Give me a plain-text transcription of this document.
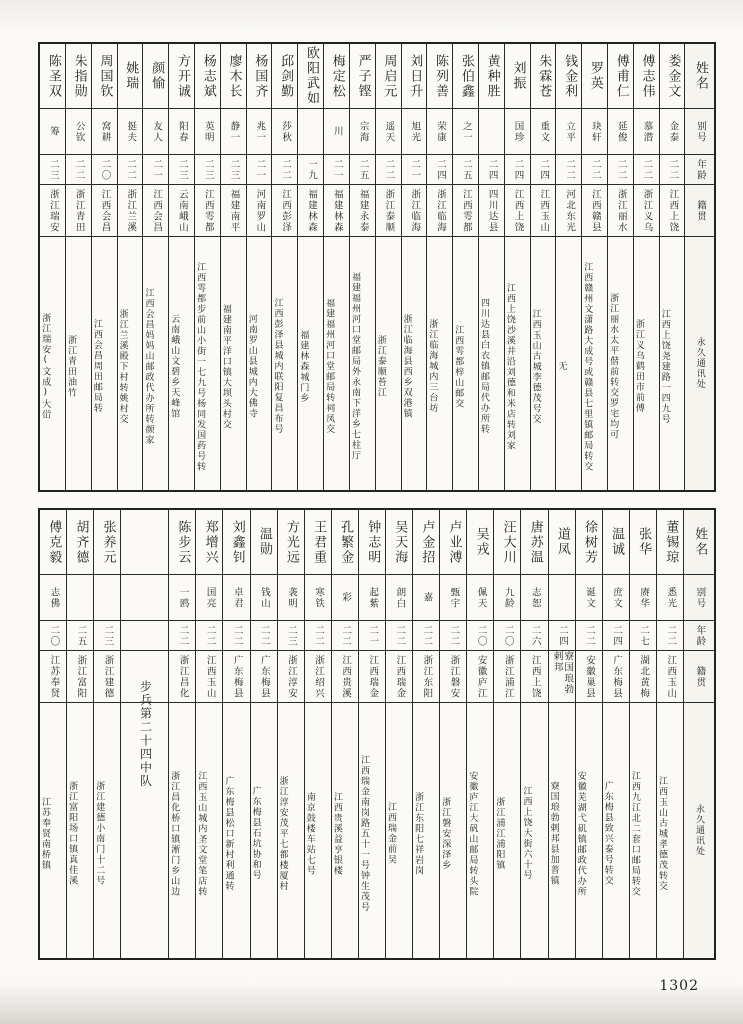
姓名
别号
年龄
籍贯
永久通讯处
娄金文
金泰
二二
江西上饶
江西上饶尧建路一四九号
傅志伟
慕潜
二二
浙江义乌
浙江义乌鹤田市前傅
傅甫仁
延俊
二二
浙江丽水
浙江丽水太平偕前转交罗宅均可
罗英
玦轩
二二
江西赣县
江西赣州文潇路大成号或赣县七里镇邮局转交
钱金利
立平
二二
河北东光
无
朱霖苍
重文
二四
江西玉山
江西玉山古城李德茂号交
刘振
国珍
二四
江西上饶
江西上饶沙溪井沿刘德和米店转刘家
黄种胜
二四
四川达县
四川达县白衣镇邮局代办所转
张伯鑫
之一
二五
江西雩都
江西雩都梓山邮交
陈列善
荣康
二四
浙江临海
浙江临海城内三台坊
刘日升
旭光
二一
浙江临海
浙江临海县西乡双港镇
周启元
遥天
二二
浙江泰顺
浙江泰顺苔江
严子铿
宗海
二五
福建永泰
福建福州河口堂邮局外永南下洋乡七柱厅
梅定松
川
二一
福建林森
福建福州河口堂邮局转祠凤交
欧阳武如
一九
福建林森
福建林森城门乡
邱剑勤
莎秋
二二
江西彭泽
江西彭泽县城内联阳复昌布号
杨国齐
兆一
二一
河南罗山
河南罗山县城内大佛寺
廖木长
静一
二三
福建南平
福建南平洋口镇大坝头村交
杨志斌
英明
二三
江西雩都
江西雩都步前山小街一七九号杨同发国药号转
方开诚
阳春
二三
云南峨山
云南峨山文碧乡天峰馆
颜愉
友人
二一
江西会昌
江西会昌妈妈山邮政代办所转颜家
姚瑞
挺夫
二二
浙江兰溪
浙江兰溪殿下村转姚村交
周国钦
窝耕
二〇
江西会昌
江西会昌周田邮局转
朱指勋
公钦
二二
浙江青田
浙江青田油竹
陈圣双
筹
二三
浙江瑞安
浙江瑞安(文成)大峃
姓名
别号
年龄
籍贯
永久通讯处
董锡琼
悉光
二二
江西玉山
江西玉山古城孝德茂转交
张华
赓华
二七
湖北黄梅
江西九江北二套口邮局转交
温诚
庶文
二四
广东梅县
广东梅县致兴泰号转交
徐树芳
诞文
二二
安徽巢县
安徽芜湖弋矶镇邮政代办所
道凤
二四
寮国琅勃剌邦
寮国琅勃剌邦县加普镇
唐苏温
志恕
二六
江西上饶
江西上饶大街六十号
汪大川
九龄
二〇
浙江浦江
浙江浦江浦阳镇
吴戎
佩天
二〇
安徽庐江
安徽庐江大矾山邮局转头院
卢业溥
甄宇
二二
浙江磐安
浙江磐安深泽乡
卢金招
嘉
二二
浙江东阳
浙江东阳七祥岩岗
吴天海
朗白
二二
江西瑞金
江西瑞金前吴
钟志明
起紫
二一
江西瑞金
江西瑞金南岗路五十一号钟生茂号
孔繁金
彩
二二
江西贵溪
江西贵溪益亨银楼
王君重
寒铁
二二
浙江绍兴
南京鼓楼车站七号
方光远
袭明
二三
浙江淳安
浙江淳安茂平七都楼厦村
温勋
钱山
二二
广东梅县
广东梅县石坑协和号
刘鑫钊
卓君
二二
广东梅县
广东梅县松口新村利通转
郑增兴
国亮
二二
江西玉山
江西玉山城内圣文堂笔店转
陈步云
一鸥
二二
浙江昌化
浙江昌化桥口镇淅门乡山边
步兵第二十四中队
张养元
二三
浙江建德
浙江建德小南门十二号
胡齐德
二五
浙江富阳
浙江富阳场口镇真佳溪
傅克毅
志佛
二〇
江苏奉贤
江苏奉贤南桥镇
1302
